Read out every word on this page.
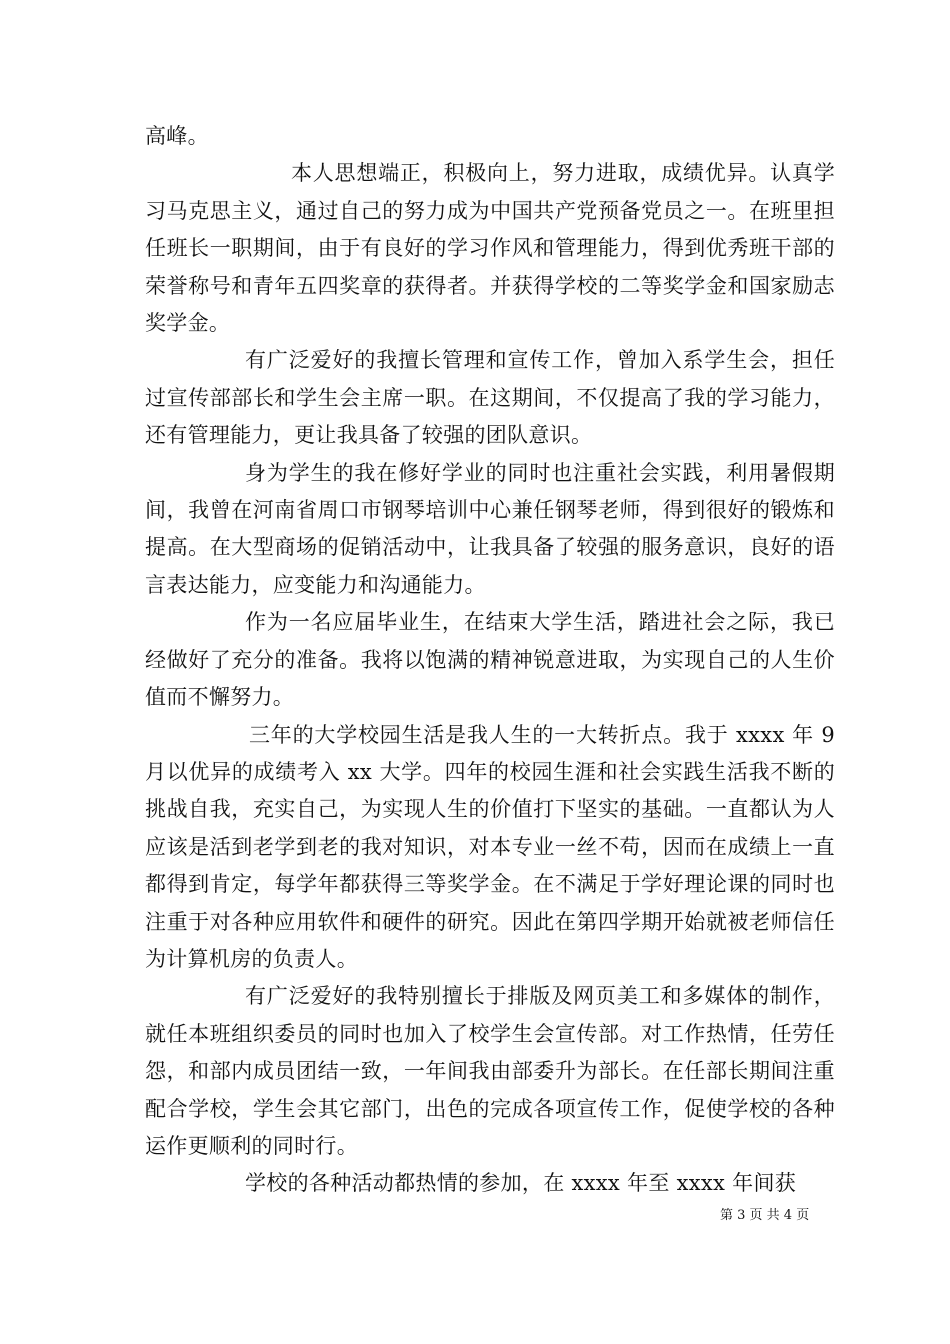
高峰。

本人思想端正，积极向上，努力进取，成绩优异。认真学习马克思主义，通过自己的努力成为中国共产党预备党员之一。在班里担任班长一职期间，由于有良好的学习作风和管理能力，得到优秀班干部的荣誉称号和青年五四奖章的获得者。并获得学校的二等奖学金和国家励志奖学金。

有广泛爱好的我擅长管理和宣传工作，曾加入系学生会，担任过宣传部部长和学生会主席一职。在这期间，不仅提高了我的学习能力，还有管理能力，更让我具备了较强的团队意识。

身为学生的我在修好学业的同时也注重社会实践，利用暑假期间，我曾在河南省周口市钢琴培训中心兼任钢琴老师，得到很好的锻炼和提高。在大型商场的促销活动中，让我具备了较强的服务意识，良好的语言表达能力，应变能力和沟通能力。

作为一名应届毕业生，在结束大学生活，踏进社会之际，我已经做好了充分的准备。我将以饱满的精神锐意进取，为实现自己的人生价值而不懈努力。

三年的大学校园生活是我人生的一大转折点。我于 xxxx 年 9 月以优异的成绩考入 xx 大学。四年的校园生涯和社会实践生活我不断的挑战自我，充实自己，为实现人生的价值打下坚实的基础。一直都认为人应该是活到老学到老的我对知识，对本专业一丝不苟，因而在成绩上一直都得到肯定，每学年都获得三等奖学金。在不满足于学好理论课的同时也注重于对各种应用软件和硬件的研究。因此在第四学期开始就被老师信任为计算机房的负责人。

有广泛爱好的我特别擅长于排版及网页美工和多媒体的制作，就任本班组织委员的同时也加入了校学生会宣传部。对工作热情，任劳任怨，和部内成员团结一致，一年间我由部委升为部长。在任部长期间注重配合学校，学生会其它部门，出色的完成各项宣传工作，促使学校的各种运作更顺利的同时行。

学校的各种活动都热情的参加，在 xxxx 年至 xxxx 年间获

第 3 页 共 4 页
